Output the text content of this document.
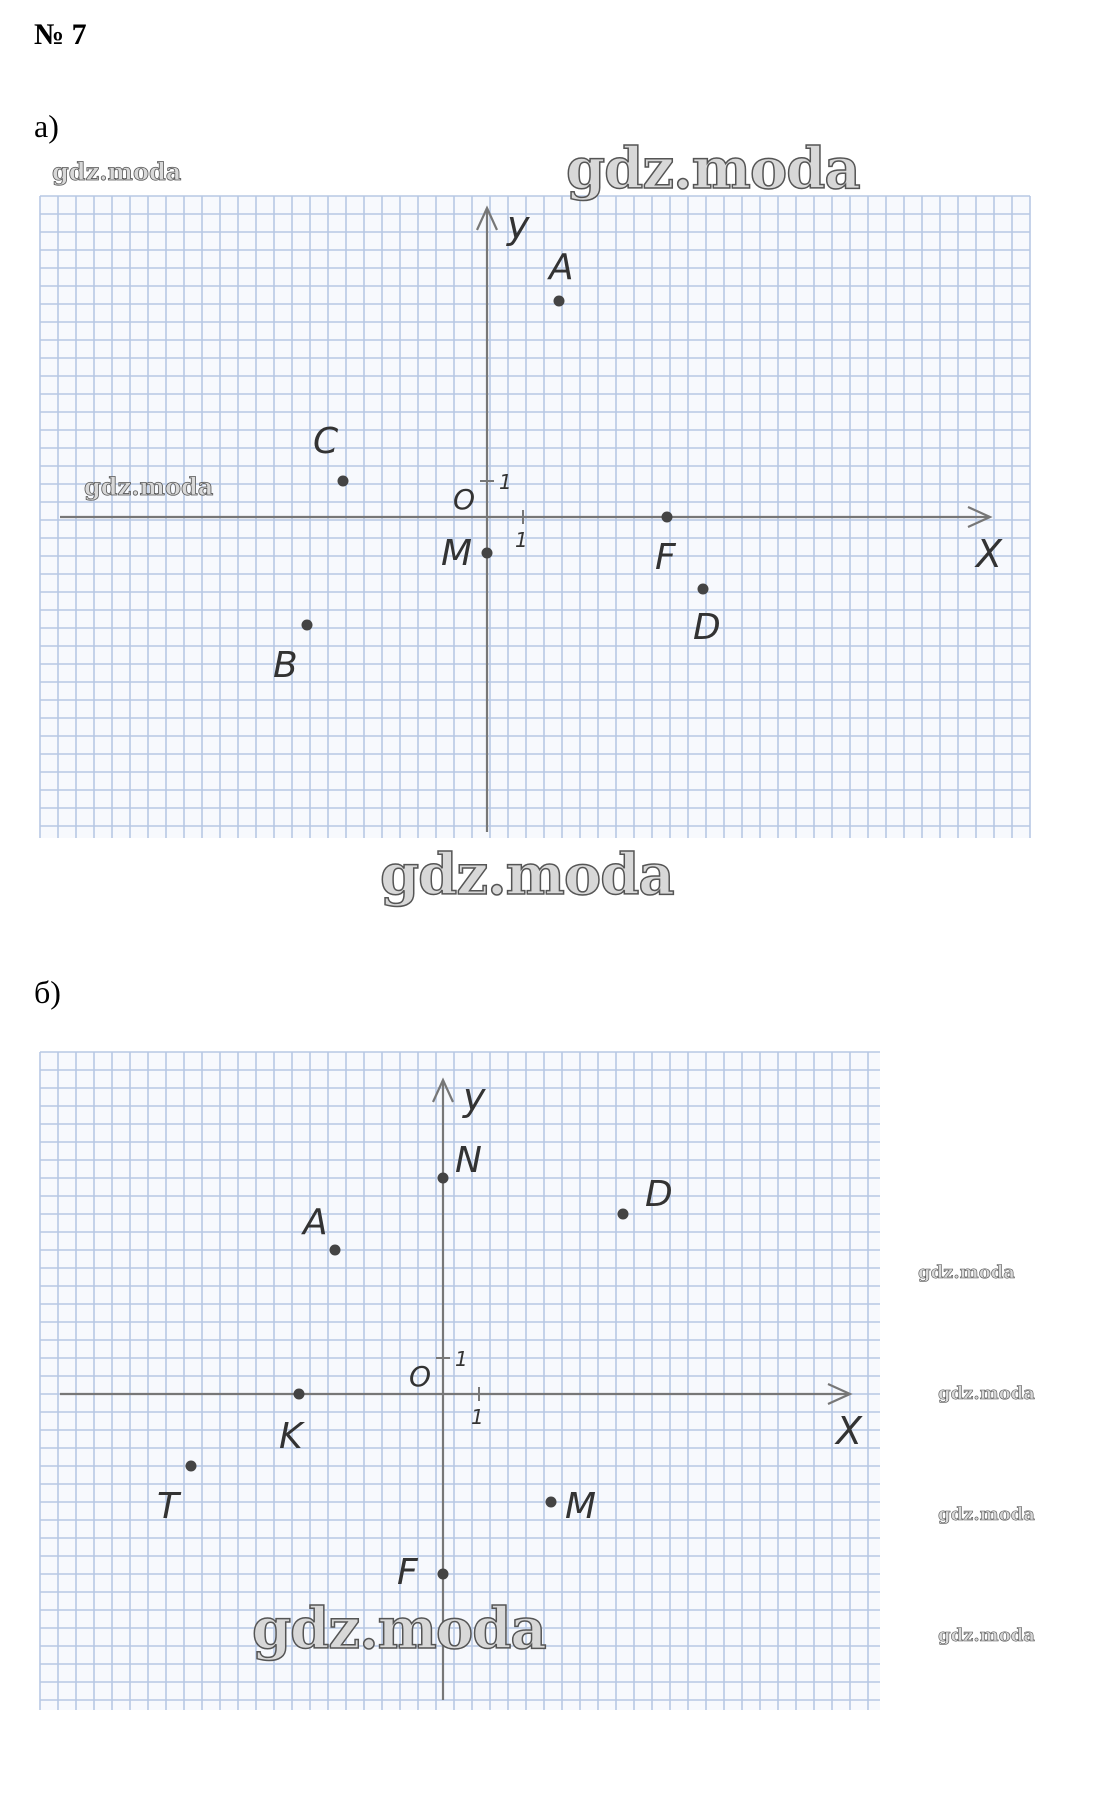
№ 7
а)
б)
X
y
O
1
1
A
C
M	F
D
B
X
y
O
1
1
N
D
A
K
T	M
F
gdz.moda
gdz.moda
gdz.moda
gdz.moda
gdz.moda
gdz.moda
gdz.moda
gdz.moda
gdz.moda
